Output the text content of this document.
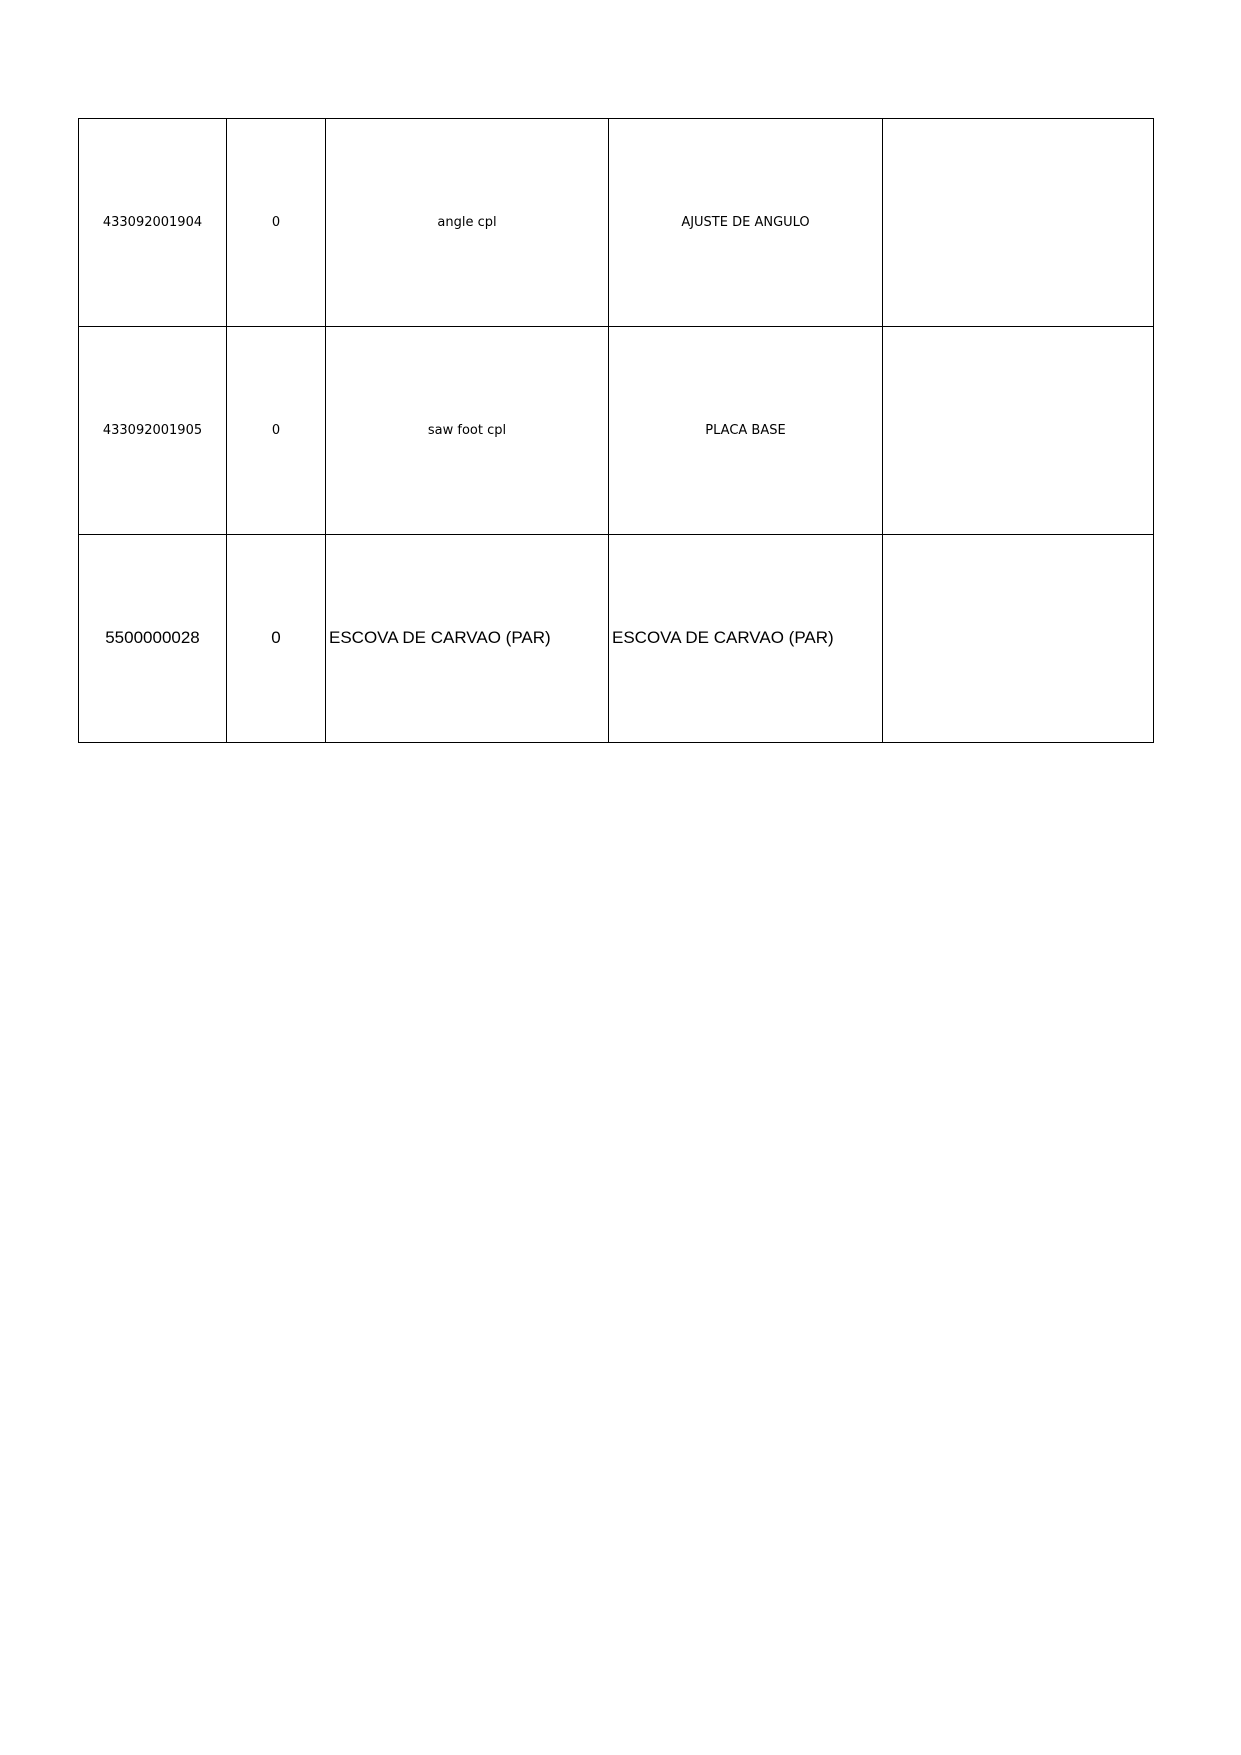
433092001904	0	angle cpl	AJUSTE DE ANGULO	
433092001905	0	saw foot cpl	PLACA BASE	
5500000028	0	ESCOVA DE CARVAO (PAR)	ESCOVA DE CARVAO (PAR)	
